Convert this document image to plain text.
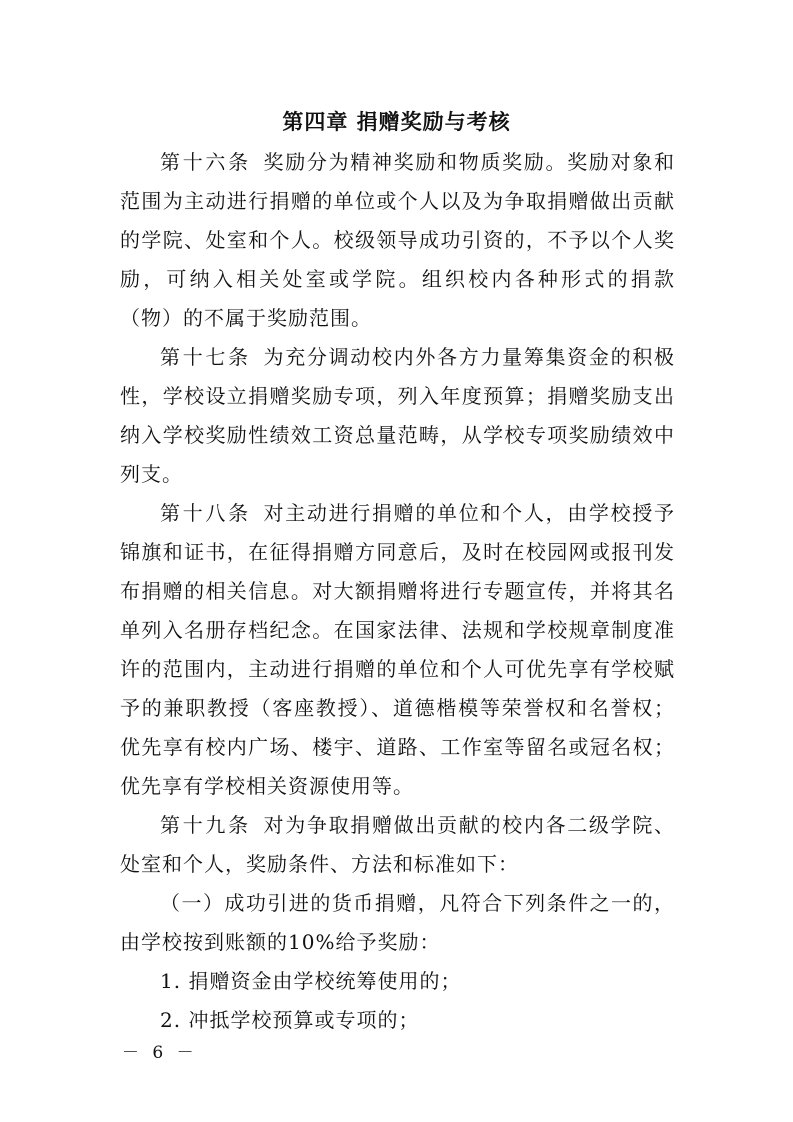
第四章 捐赠奖励与考核

第十六条 奖励分为精神奖励和物质奖励。奖励对象和范围为主动进行捐赠的单位或个人以及为争取捐赠做出贡献的学院、处室和个人。校级领导成功引资的，不予以个人奖励，可纳入相关处室或学院。组织校内各种形式的捐款（物）的不属于奖励范围。

第十七条 为充分调动校内外各方力量筹集资金的积极性，学校设立捐赠奖励专项，列入年度预算；捐赠奖励支出纳入学校奖励性绩效工资总量范畴，从学校专项奖励绩效中列支。

第十八条 对主动进行捐赠的单位和个人，由学校授予锦旗和证书，在征得捐赠方同意后，及时在校园网或报刊发布捐赠的相关信息。对大额捐赠将进行专题宣传，并将其名单列入名册存档纪念。在国家法律、法规和学校规章制度准许的范围内，主动进行捐赠的单位和个人可优先享有学校赋予的兼职教授（客座教授）、道德楷模等荣誉权和名誉权；优先享有校内广场、楼宇、道路、工作室等留名或冠名权；优先享有学校相关资源使用等。

第十九条 对为争取捐赠做出贡献的校内各二级学院、处室和个人，奖励条件、方法和标准如下：

（一）成功引进的货币捐赠，凡符合下列条件之一的，由学校按到账额的10%给予奖励：

1. 捐赠资金由学校统筹使用的；

2. 冲抵学校预算或专项的；

－ 6 －
